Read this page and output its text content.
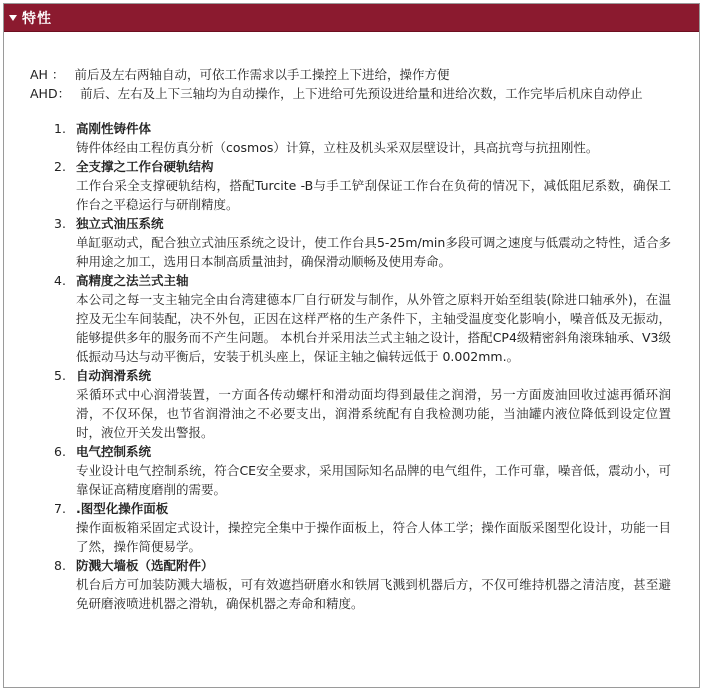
特性
AH ： 前后及左右两轴自动，可依工作需求以手工操控上下进给，操作方便
AHD： 前后、左右及上下三轴均为自动操作，上下进给可先预设进给量和进给次数，工作完毕后机床自动停止
1. 高刚性铸件体
铸件体经由工程仿真分析（cosmos）计算，立柱及机头采双层壁设计，具高抗弯与抗扭刚性。
2. 全支撑之工作台硬轨结构
工作台采全支撑硬轨结构，搭配Turcite -B与手工铲刮保证工作台在负荷的情况下，减低阻尼系数，确保工作台之平稳运行与研削精度。
3. 独立式油压系统
单缸驱动式，配合独立式油压系统之设计，使工作台具5-25m/min多段可调之速度与低震动之特性，适合多种用途之加工，选用日本制高质量油封，确保滑动顺畅及使用寿命。
4. 高精度之法兰式主轴
本公司之每一支主轴完全由台湾建德本厂自行研发与制作，从外管之原料开始至组装(除进口轴承外)，在温控及无尘车间装配，决不外包，正因在这样严格的生产条件下，主轴受温度变化影响小，噪音低及无振动，能够提供多年的服务而不产生问题。 本机台并采用法兰式主轴之设计，搭配CP4级精密斜角滚珠轴承、V3级低振动马达与动平衡后，安装于机头座上，保证主轴之偏转远低于 0.002mm.。
5. 自动润滑系统
采循环式中心润滑装置，一方面各传动螺杆和滑动面均得到最佳之润滑，另一方面废油回收过滤再循环润滑，不仅环保，也节省润滑油之不必要支出，润滑系统配有自我检测功能，当油罐内液位降低到设定位置时，液位开关发出警报。
6. 电气控制系统
专业设计电气控制系统，符合CE安全要求，采用国际知名品牌的电气组件，工作可靠，噪音低，震动小，可靠保证高精度磨削的需要。
7. .图型化操作面板
操作面板箱采固定式设计，操控完全集中于操作面板上，符合人体工学；操作面版采图型化设计，功能一目了然，操作简便易学。
8. 防溅大墙板（选配附件）
机台后方可加装防溅大墙板，可有效遮挡研磨水和铁屑飞溅到机器后方，不仅可维持机器之清洁度，甚至避免研磨液喷进机器之滑轨，确保机器之寿命和精度。
